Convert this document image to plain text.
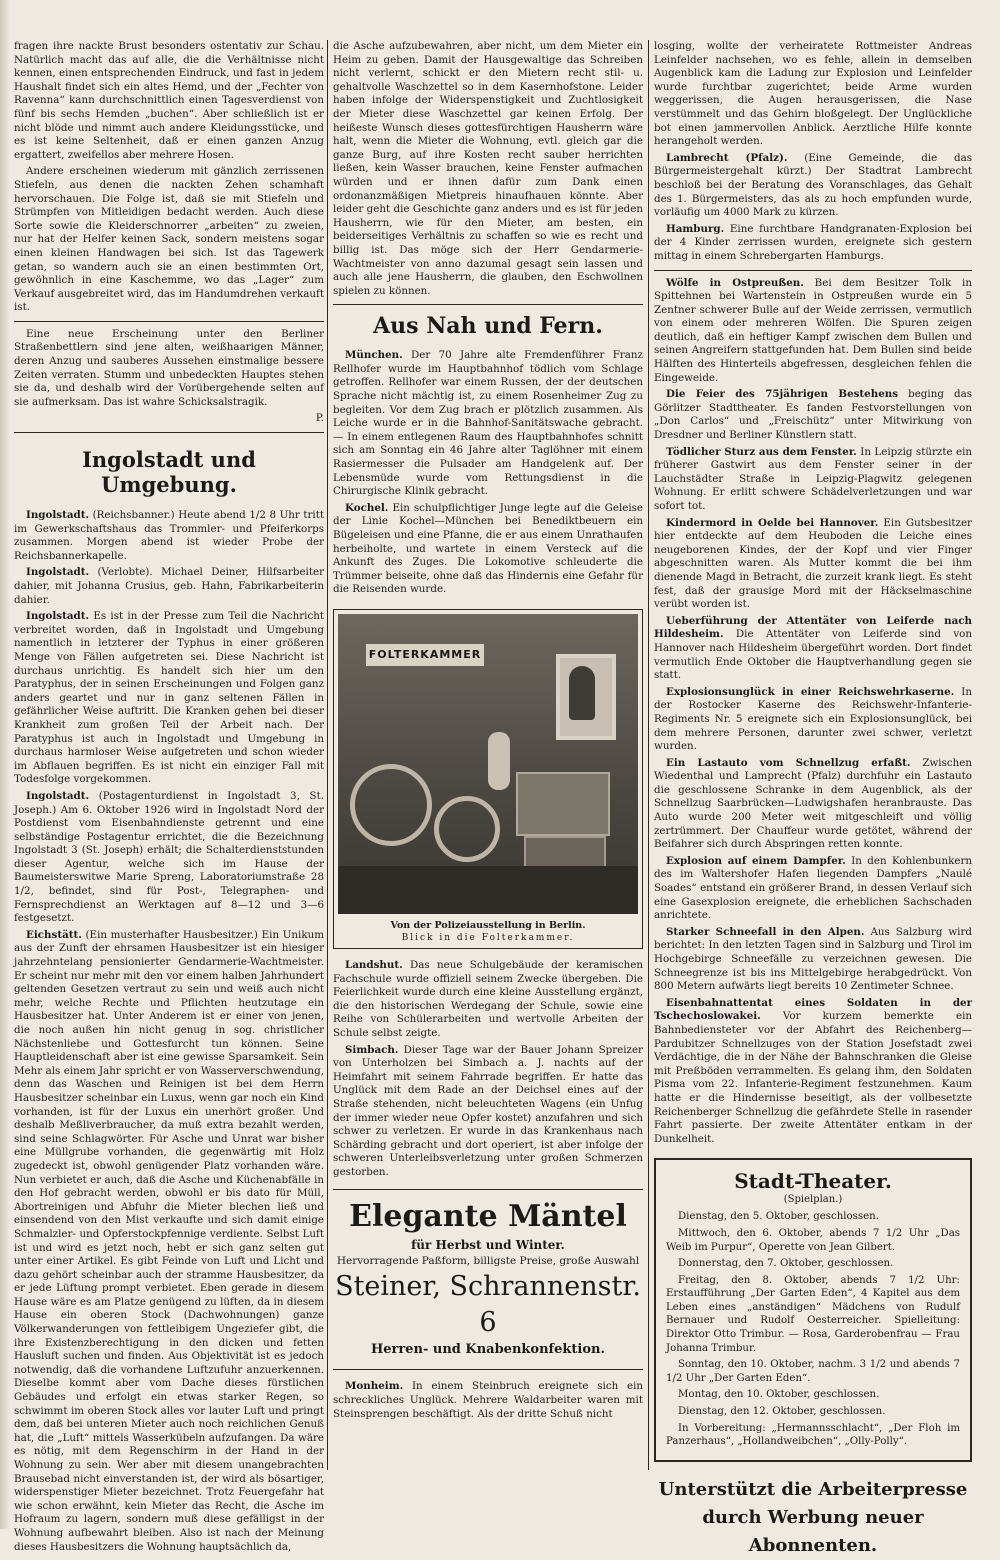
fragen ihre nackte Brust besonders ostentativ zur Schau. Natürlich macht das auf alle, die die Verhältnisse nicht kennen, einen entsprechenden Eindruck, und fast in jedem Haushalt findet sich ein altes Hemd, und der „Fechter von Ravenna“ kann durchschnittlich einen Tagesverdienst von fünf bis sechs Hemden „buchen“. Aber schließlich ist er nicht blöde und nimmt auch andere Kleidungsstücke, und es ist keine Seltenheit, daß er einen ganzen Anzug ergattert, zweifellos aber mehrere Hosen.

Andere erscheinen wiederum mit gänzlich zerrissenen Stiefeln, aus denen die nackten Zehen schamhaft hervorschauen. Die Folge ist, daß sie mit Stiefeln und Strümpfen von Mitleidigen bedacht werden. Auch diese Sorte sowie die Kleiderschnorrer „arbeiten“ zu zweien, nur hat der Helfer keinen Sack, sondern meistens sogar einen kleinen Handwagen bei sich. Ist das Tagewerk getan, so wandern auch sie an einen bestimmten Ort, gewöhnlich in eine Kaschemme, wo das „Lager“ zum Verkauf ausgebreitet wird, das im Handumdrehen verkauft ist.

Eine neue Erscheinung unter den Berliner Straßenbettlern sind jene alten, weißhaarigen Männer, deren Anzug und sauberes Aussehen einstmalige bessere Zeiten verraten. Stumm und unbedeckten Hauptes stehen sie da, und deshalb wird der Vorübergehende selten auf sie aufmerksam. Das ist wahre Schicksalstragik.

P.

Ingolstadt und Umgebung.

Ingolstadt. (Reichsbanner.) Heute abend 1/2 8 Uhr tritt im Gewerkschaftshaus das Trommler- und Pfeiferkorps zusammen. Morgen abend ist wieder Probe der Reichsbannerkapelle.

Ingolstadt. (Verlobte). Michael Deiner, Hilfsarbeiter dahier, mit Johanna Crusius, geb. Hahn, Fabrikarbeiterin dahier.

Ingolstadt. Es ist in der Presse zum Teil die Nachricht verbreitet worden, daß in Ingolstadt und Umgebung namentlich in letzterer der Typhus in einer größeren Menge von Fällen aufgetreten sei. Diese Nachricht ist durchaus unrichtig. Es handelt sich hier um den Paratyphus, der in seinen Erscheinungen und Folgen ganz anders geartet und nur in ganz seltenen Fällen in gefährlicher Weise auftritt. Die Kranken gehen bei dieser Krankheit zum großen Teil der Arbeit nach. Der Paratyphus ist auch in Ingolstadt und Umgebung in durchaus harmloser Weise aufgetreten und schon wieder im Abflauen begriffen. Es ist nicht ein einziger Fall mit Todesfolge vorgekommen.

Ingolstadt. (Postagenturdienst in Ingolstadt 3, St. Joseph.) Am 6. Oktober 1926 wird in Ingolstadt Nord der Postdienst vom Eisenbahndienste getrennt und eine selbständige Postagentur errichtet, die die Bezeichnung Ingolstadt 3 (St. Joseph) erhält; die Schalterdienststunden dieser Agentur, welche sich im Hause der Baumeisterswitwe Marie Spreng, Laboratoriumstraße 28 1/2, befindet, sind für Post-, Telegraphen- und Fernsprechdienst an Werktagen auf 8—12 und 3—6 festgesetzt.

Eichstätt. (Ein musterhafter Hausbesitzer.) Ein Unikum aus der Zunft der ehrsamen Hausbesitzer ist ein hiesiger jahrzehntelang pensionierter Gendarmerie-Wachtmeister. Er scheint nur mehr mit den vor einem halben Jahrhundert geltenden Gesetzen vertraut zu sein und weiß auch nicht mehr, welche Rechte und Pflichten heutzutage ein Hausbesitzer hat. Unter Anderem ist er einer von jenen, die noch außen hin nicht genug in sog. christlicher Nächstenliebe und Gottesfurcht tun können. Seine Hauptleidenschaft aber ist eine gewisse Sparsamkeit. Sein Mehr als einem Jahr spricht er von Wasserverschwendung, denn das Waschen und Reinigen ist bei dem Herrn Hausbesitzer scheinbar ein Luxus, wenn gar noch ein Kind vorhanden, ist für der Luxus ein unerhört großer. Und deshalb Meßliverbraucher, da muß extra bezahlt werden, sind seine Schlagwörter. Für Asche und Unrat war bisher eine Müllgrube vorhanden, die gegenwärtig mit Holz zugedeckt ist, obwohl genügender Platz vorhanden wäre. Nun verbietet er auch, daß die Asche und Küchenabfälle in den Hof gebracht werden, obwohl er bis dato für Müll, Abortreinigen und Abfuhr die Mieter blechen ließ und einsendend von den Mist verkaufte und sich damit einige Schmalzler- und Opferstockpfennige verdiente. Selbst Luft ist und wird es jetzt noch, hebt er sich ganz selten gut unter einer Artikel. Es gibt Feinde von Luft und Licht und dazu gehört scheinbar auch der stramme Hausbesitzer, da er jede Lüftung prompt verbietet. Eben gerade in diesem Hause wäre es am Platze genügend zu lüften, da in diesem Hause ein oberen Stock (Dachwohnungen) ganze Völkerwanderungen von fettleibigem Ungeziefer gibt, die ihre Existenzberechtigung in den dicken und fetten Hausluft suchen und finden. Aus Objektivität ist es jedoch notwendig, daß die vorhandene Luftzufuhr anzuerkennen. Dieselbe kommt aber vom Dache dieses fürstlichen Gebäudes und erfolgt ein etwas starker Regen, so schwimmt im oberen Stock alles vor lauter Luft und pringt dem, daß bei unteren Mieter auch noch reichlichen Genuß hat, die „Luft“ mittels Wasserkübeln aufzufangen. Da wäre es nötig, mit dem Regenschirm in der Hand in der Wohnung zu sein. Wer aber mit diesem unangebrachten Brausebad nicht einverstanden ist, der wird als bösartiger, widerspenstiger Mieter bezeichnet. Trotz Feuergefahr hat wie schon erwähnt, kein Mieter das Recht, die Asche im Hofraum zu lagern, sondern muß diese gefälligst in der Wohnung aufbewahrt bleiben. Also ist nach der Meinung dieses Hausbesitzers die Wohnung hauptsächlich da,

die Asche aufzubewahren, aber nicht, um dem Mieter ein Heim zu geben. Damit der Hausgewaltige das Schreiben nicht verlernt, schickt er den Mietern recht stil- u. gehaltvolle Waschzettel so in dem Kasernhofstone. Leider haben infolge der Widerspenstigkeit und Zuchtlosigkeit der Mieter diese Waschzettel gar keinen Erfolg. Der heißeste Wunsch dieses gottesfürchtigen Hausherrn wäre halt, wenn die Mieter die Wohnung, evtl. gleich gar die ganze Burg, auf ihre Kosten recht sauber herrichten ließen, kein Wasser brauchen, keine Fenster aufmachen würden und er ihnen dafür zum Dank einen ordonanzmäßigen Mietpreis hinaufhauen könnte. Aber leider geht die Geschichte ganz anders und es ist für jeden Hausherrn, wie für den Mieter, am besten, ein beiderseitiges Verhältnis zu schaffen so wie es recht und billig ist. Das möge sich der Herr Gendarmerie-Wachtmeister von anno dazumal gesagt sein lassen und auch alle jene Hausherrn, die glauben, den Eschwollnen spielen zu können.

Aus Nah und Fern.

München. Der 70 Jahre alte Fremdenführer Franz Rellhofer wurde im Hauptbahnhof tödlich vom Schlage getroffen. Rellhofer war einem Russen, der der deutschen Sprache nicht mächtig ist, zu einem Rosenheimer Zug zu begleiten. Vor dem Zug brach er plötzlich zusammen. Als Leiche wurde er in die Bahnhof-Sanitätswache gebracht. — In einem entlegenen Raum des Hauptbahnhofes schnitt sich am Sonntag ein 46 Jahre alter Taglöhner mit einem Rasiermesser die Pulsader am Handgelenk auf. Der Lebensmüde wurde vom Rettungsdienst in die Chirurgische Klinik gebracht.

Kochel. Ein schulpflichtiger Junge legte auf die Geleise der Linie Kochel—München bei Benediktbeuern ein Bügeleisen und eine Pfanne, die er aus einem Unrathaufen herbeiholte, und wartete in einem Versteck auf die Ankunft des Zuges. Die Lokomotive schleuderte die Trümmer beiseite, ohne daß das Hindernis eine Gefahr für die Reisenden wurde.

FOLTERKAMMER
Von der Polizeiausstellung in Berlin.
Blick in die Folterkammer.

Landshut. Das neue Schulgebäude der keramischen Fachschule wurde offiziell seinem Zwecke übergeben. Die Feierlichkeit wurde durch eine kleine Ausstellung ergänzt, die den historischen Werdegang der Schule, sowie eine Reihe von Schülerarbeiten und wertvolle Arbeiten der Schule selbst zeigte.

Simbach. Dieser Tage war der Bauer Johann Spreizer von Unterholzen bei Simbach a. J. nachts auf der Heimfahrt mit seinem Fahrrade begriffen. Er hatte das Unglück mit dem Rade an der Deichsel eines auf der Straße stehenden, nicht beleuchteten Wagens (ein Unfug der immer wieder neue Opfer kostet) anzufahren und sich schwer zu verletzen. Er wurde in das Krankenhaus nach Schärding gebracht und dort operiert, ist aber infolge der schweren Unterleibsverletzung unter großen Schmerzen gestorben.

Elegante Mäntel
für Herbst und Winter.
Hervorragende Paßform, billigste Preise, große Auswahl
Steiner, Schrannenstr. 6
Herren- und Knabenkonfektion.

Monheim. In einem Steinbruch ereignete sich ein schreckliches Unglück. Mehrere Waldarbeiter waren mit Steinsprengen beschäftigt. Als der dritte Schuß nicht

losging, wollte der verheiratete Rottmeister Andreas Leinfelder nachsehen, wo es fehle, allein in demselben Augenblick kam die Ladung zur Explosion und Leinfelder wurde furchtbar zugerichtet; beide Arme wurden weggerissen, die Augen herausgerissen, die Nase verstümmelt und das Gehirn bloßgelegt. Der Unglückliche bot einen jammervollen Anblick. Aerztliche Hilfe konnte herangeholt werden.

Lambrecht (Pfalz). (Eine Gemeinde, die das Bürgermeistergehalt kürzt.) Der Stadtrat Lambrecht beschloß bei der Beratung des Voranschlages, das Gehalt des 1. Bürgermeisters, das als zu hoch empfunden wurde, vorläufig um 4000 Mark zu kürzen.

Hamburg. Eine furchtbare Handgranaten-Explosion bei der 4 Kinder zerrissen wurden, ereignete sich gestern mittag in einem Schrebergarten Hamburgs.

Wölfe in Ostpreußen. Bei dem Besitzer Tolk in Spittehnen bei Wartenstein in Ostpreußen wurde ein 5 Zentner schwerer Bulle auf der Weide zerrissen, vermutlich von einem oder mehreren Wölfen. Die Spuren zeigen deutlich, daß ein heftiger Kampf zwischen dem Bullen und seinen Angreifern stattgefunden hat. Dem Bullen sind beide Hälften des Hinterteils abgefressen, desgleichen fehlen die Eingeweide.

Die Feier des 75jährigen Bestehens beging das Görlitzer Stadttheater. Es fanden Festvorstellungen von „Don Carlos“ und „Freischütz“ unter Mitwirkung von Dresdner und Berliner Künstlern statt.

Tödlicher Sturz aus dem Fenster. In Leipzig stürzte ein früherer Gastwirt aus dem Fenster seiner in der Lauchstädter Straße in Leipzig-Plagwitz gelegenen Wohnung. Er erlitt schwere Schädelverletzungen und war sofort tot.

Kindermord in Oelde bei Hannover. Ein Gutsbesitzer hier entdeckte auf dem Heuboden die Leiche eines neugeborenen Kindes, der der Kopf und vier Finger abgeschnitten waren. Als Mutter kommt die bei ihm dienende Magd in Betracht, die zurzeit krank liegt. Es steht fest, daß der grausige Mord mit der Häckselmaschine verübt worden ist.

Ueberführung der Attentäter von Leiferde nach Hildesheim. Die Attentäter von Leiferde sind von Hannover nach Hildesheim übergeführt worden. Dort findet vermutlich Ende Oktober die Hauptverhandlung gegen sie statt.

Explosionsunglück in einer Reichswehrkaserne. In der Rostocker Kaserne des Reichswehr-Infanterie-Regiments Nr. 5 ereignete sich ein Explosionsunglück, bei dem mehrere Personen, darunter zwei schwer, verletzt wurden.

Ein Lastauto vom Schnellzug erfaßt. Zwischen Wiedenthal und Lamprecht (Pfalz) durchfuhr ein Lastauto die geschlossene Schranke in dem Augenblick, als der Schnellzug Saarbrücken—Ludwigshafen heranbrauste. Das Auto wurde 200 Meter weit mitgeschleift und völlig zertrümmert. Der Chauffeur wurde getötet, während der Beifahrer sich durch Abspringen retten konnte.

Explosion auf einem Dampfer. In den Kohlenbunkern des im Waltershofer Hafen liegenden Dampfers „Naulé Soades“ entstand ein größerer Brand, in dessen Verlauf sich eine Gasexplosion ereignete, die erheblichen Sachschaden anrichtete.

Starker Schneefall in den Alpen. Aus Salzburg wird berichtet: In den letzten Tagen sind in Salzburg und Tirol im Hochgebirge Schneefälle zu verzeichnen gewesen. Die Schneegrenze ist bis ins Mittelgebirge herabgedrückt. Von 800 Metern aufwärts liegt bereits 10 Zentimeter Schnee.

Eisenbahnattentat eines Soldaten in der Tschechoslowakei. Vor kurzem bemerkte ein Bahnbediensteter vor der Abfahrt des Reichenberg—Pardubitzer Schnellzuges von der Station Josefstadt zwei Verdächtige, die in der Nähe der Bahnschranken die Gleise mit Preßböden verrammelten. Es gelang ihm, den Soldaten Pisma vom 22. Infanterie-Regiment festzunehmen. Kaum hatte er die Hindernisse beseitigt, als der vollbesetzte Reichenberger Schnellzug die gefährdete Stelle in rasender Fahrt passierte. Der zweite Attentäter entkam in der Dunkelheit.

Stadt-Theater.
(Spielplan.)

Dienstag, den 5. Oktober, geschlossen.

Mittwoch, den 6. Oktober, abends 7 1/2 Uhr „Das Weib im Purpur“, Operette von Jean Gilbert.

Donnerstag, den 7. Oktober, geschlossen.

Freitag, den 8. Oktober, abends 7 1/2 Uhr: Erstaufführung „Der Garten Eden“, 4 Kapitel aus dem Leben eines „anständigen“ Mädchens von Rudulf Bernauer und Rudolf Oesterreicher. Spielleitung: Direktor Otto Trimbur. — Rosa, Garderobenfrau — Frau Johanna Trimbur.

Sonntag, den 10. Oktober, nachm. 3 1/2 und abends 7 1/2 Uhr „Der Garten Eden“.

Montag, den 10. Oktober, geschlossen.

Dienstag, den 12. Oktober, geschlossen.

In Vorbereitung: „Hermannsschlacht“, „Der Floh im Panzerhaus“, „Hollandweibchen“, „Olly-Polly“.

Unterstützt die Arbeiterpresse durch Werbung neuer Abonnenten.
